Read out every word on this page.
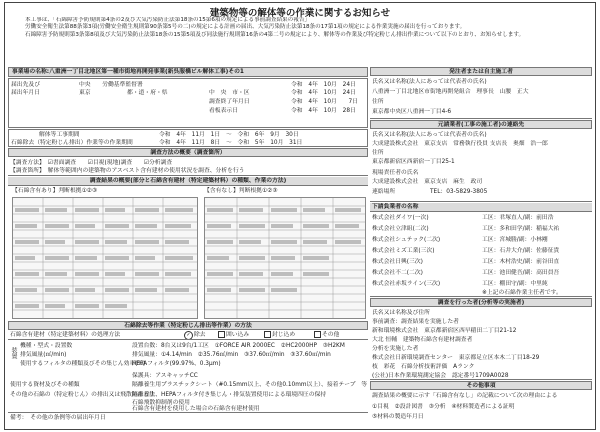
建築物等の解体等の作業に関するお知らせ

本工事は、「石綿障害予防規則第4条の2及び大気汚染防止法第18条の15第6項の規定による事前調査結果の報告」

労働安全衛生法第88条第3項(労働安全衛生規則第90条第5号の二)の規定による計画の届出、大気汚染防止法第18条の17第1項の規定による作業実施の届出を行っております。

石綿障害予防規則第3条第8項及び大気汚染防止法第18条の15第5項及び同法施行規則第16条の4第二号の規定により、解体等の作業及び特定粉じん排出作業について以下のとおり、お知らせします。

事業場の名称:八重洲一丁目北地区第一種市街地再開発事業(新呉服橋ビル解体工事)その1
届出先及び
届出年月日
中央　　労働基準監督署	令和　4年　10月　24日
東京	都・道・府・県	中　央　市・区	令和　4年　10月　24日
調査終了年月日	令和　4年　10月　　7日
看板表示日	令和　4年　10月　28日
解体等工事期間	令和　4年　11月　1日　～　令和　6年　9月　30日
石綿除去（特定粉じん排出）作業等の作業期間	令和　4年　11月　8日　～　令和　5年　10月　31日
調査方法の概要（調査箇所）
【調査方法】　☑書面調査　　☑目視(現地)調査　　☑分析調査
【調査箇所】　解体等範囲内の建築物のアスベスト含有建材の使用状況を調査、分析を行う
調査結果の概要(部分と石綿含有建材（特定建築材料）の種類、作業の方法)
【石綿含有あり】判断根拠①②③	【含有なし】判断根拠①②③
石綿除去等作業（特定粉じん排出等作業）の方法
石綿含有建材（特定建築材料）の処理方法	✓ 除去	囲い込み	封じ込め	その他
装置
機種・型式・設置数	設置台数：8台又は9台/1工区　①FORCE AIR 2000EC　②HC2000HP　③H2KM
排気風量(㎥/min)	排気風量：①4.14/min　②35.76㎥/min　③37.60㎥/min　③37.60㎥/min
使用するフィルタの種類及びその集じん効率(%)
HEPAフィルタ(99.97%、0.3μm)
保護具：アスキャッチCC
使用する資材及びその種類	隔離養生用プラスチックシート（#0.15mm以上、その他0.10mm以上）、接着テープ　等
その他の石綿の（特定粉じん）の排出又は飛散防止方法
隔離養生、HEPAフィルタ付き集じん・排気装置使用による環境四圧の保持
石綿飛散抑制剤の使用
石綿含有建材を使用した場合の石綿含有建材使用
備考：　その他の条例等の届出年月日
発注者または自主施工者
氏名又は名称(法人にあっては代表者の氏名)
八重洲一丁目北地区市街地再開発組合　理事長　山腰　正大
住所
東京都中央区八重洲一丁目4-6
元請業者(工事の施工者)の連絡先
氏名又は名称(法人にあっては代表者の氏名)
大成建設株式会社　東京支店　常務執行役員 支店長　奥畑　浩一郎
住所
東京都新宿区西新宿一丁目25-1
現場責任者の氏名
大成建設株式会社　東京支店　麻生　政司
連絡場所	TEL：03-5829-3805
下請負業者の名称
株式会社ダイワ(一次)	工区：君塚直人/副：前田浩
株式会社立津組(二次)	工区：多和田学/副：稲福大祐
株式会社シュテック(二次)	工区：宮城勝/副：小林剛
株式会社ミズ工業(三次)	工区：石井大介/副：佐藤征貴
株式会社日興(三次)	工区：木村浩史/副：前谷田直
株式会社不二(二次)	工区：池田健吾/副：高田員吾
株式会社赤坂ライン(三次)	工区：棚田守/副：中里純
※上記の石綿作業主任者です。
調査を行った者(分析等の実施者)
氏名又は名称及び住所
事前調査：調査結果を実施した者
新和環境株式会社　東京都新宿区西早稲田二丁目21-12
大北 恒輔　建築物石綿含有建材調査者
分析を実施した者
株式会社日新環境調査センター　東京都足立区本木二丁目18-29
枝　彩花　石綿分析技術評価　Aランク
(公社)日本作業環境測定協会　認定番号1709A0028
その他事項
調査結果の概要に示す「石綿含有なし」の記載について次の理由による
①目視　②設計図書　③分析　④材料製造者による証明
⑤材料の製造年月日
